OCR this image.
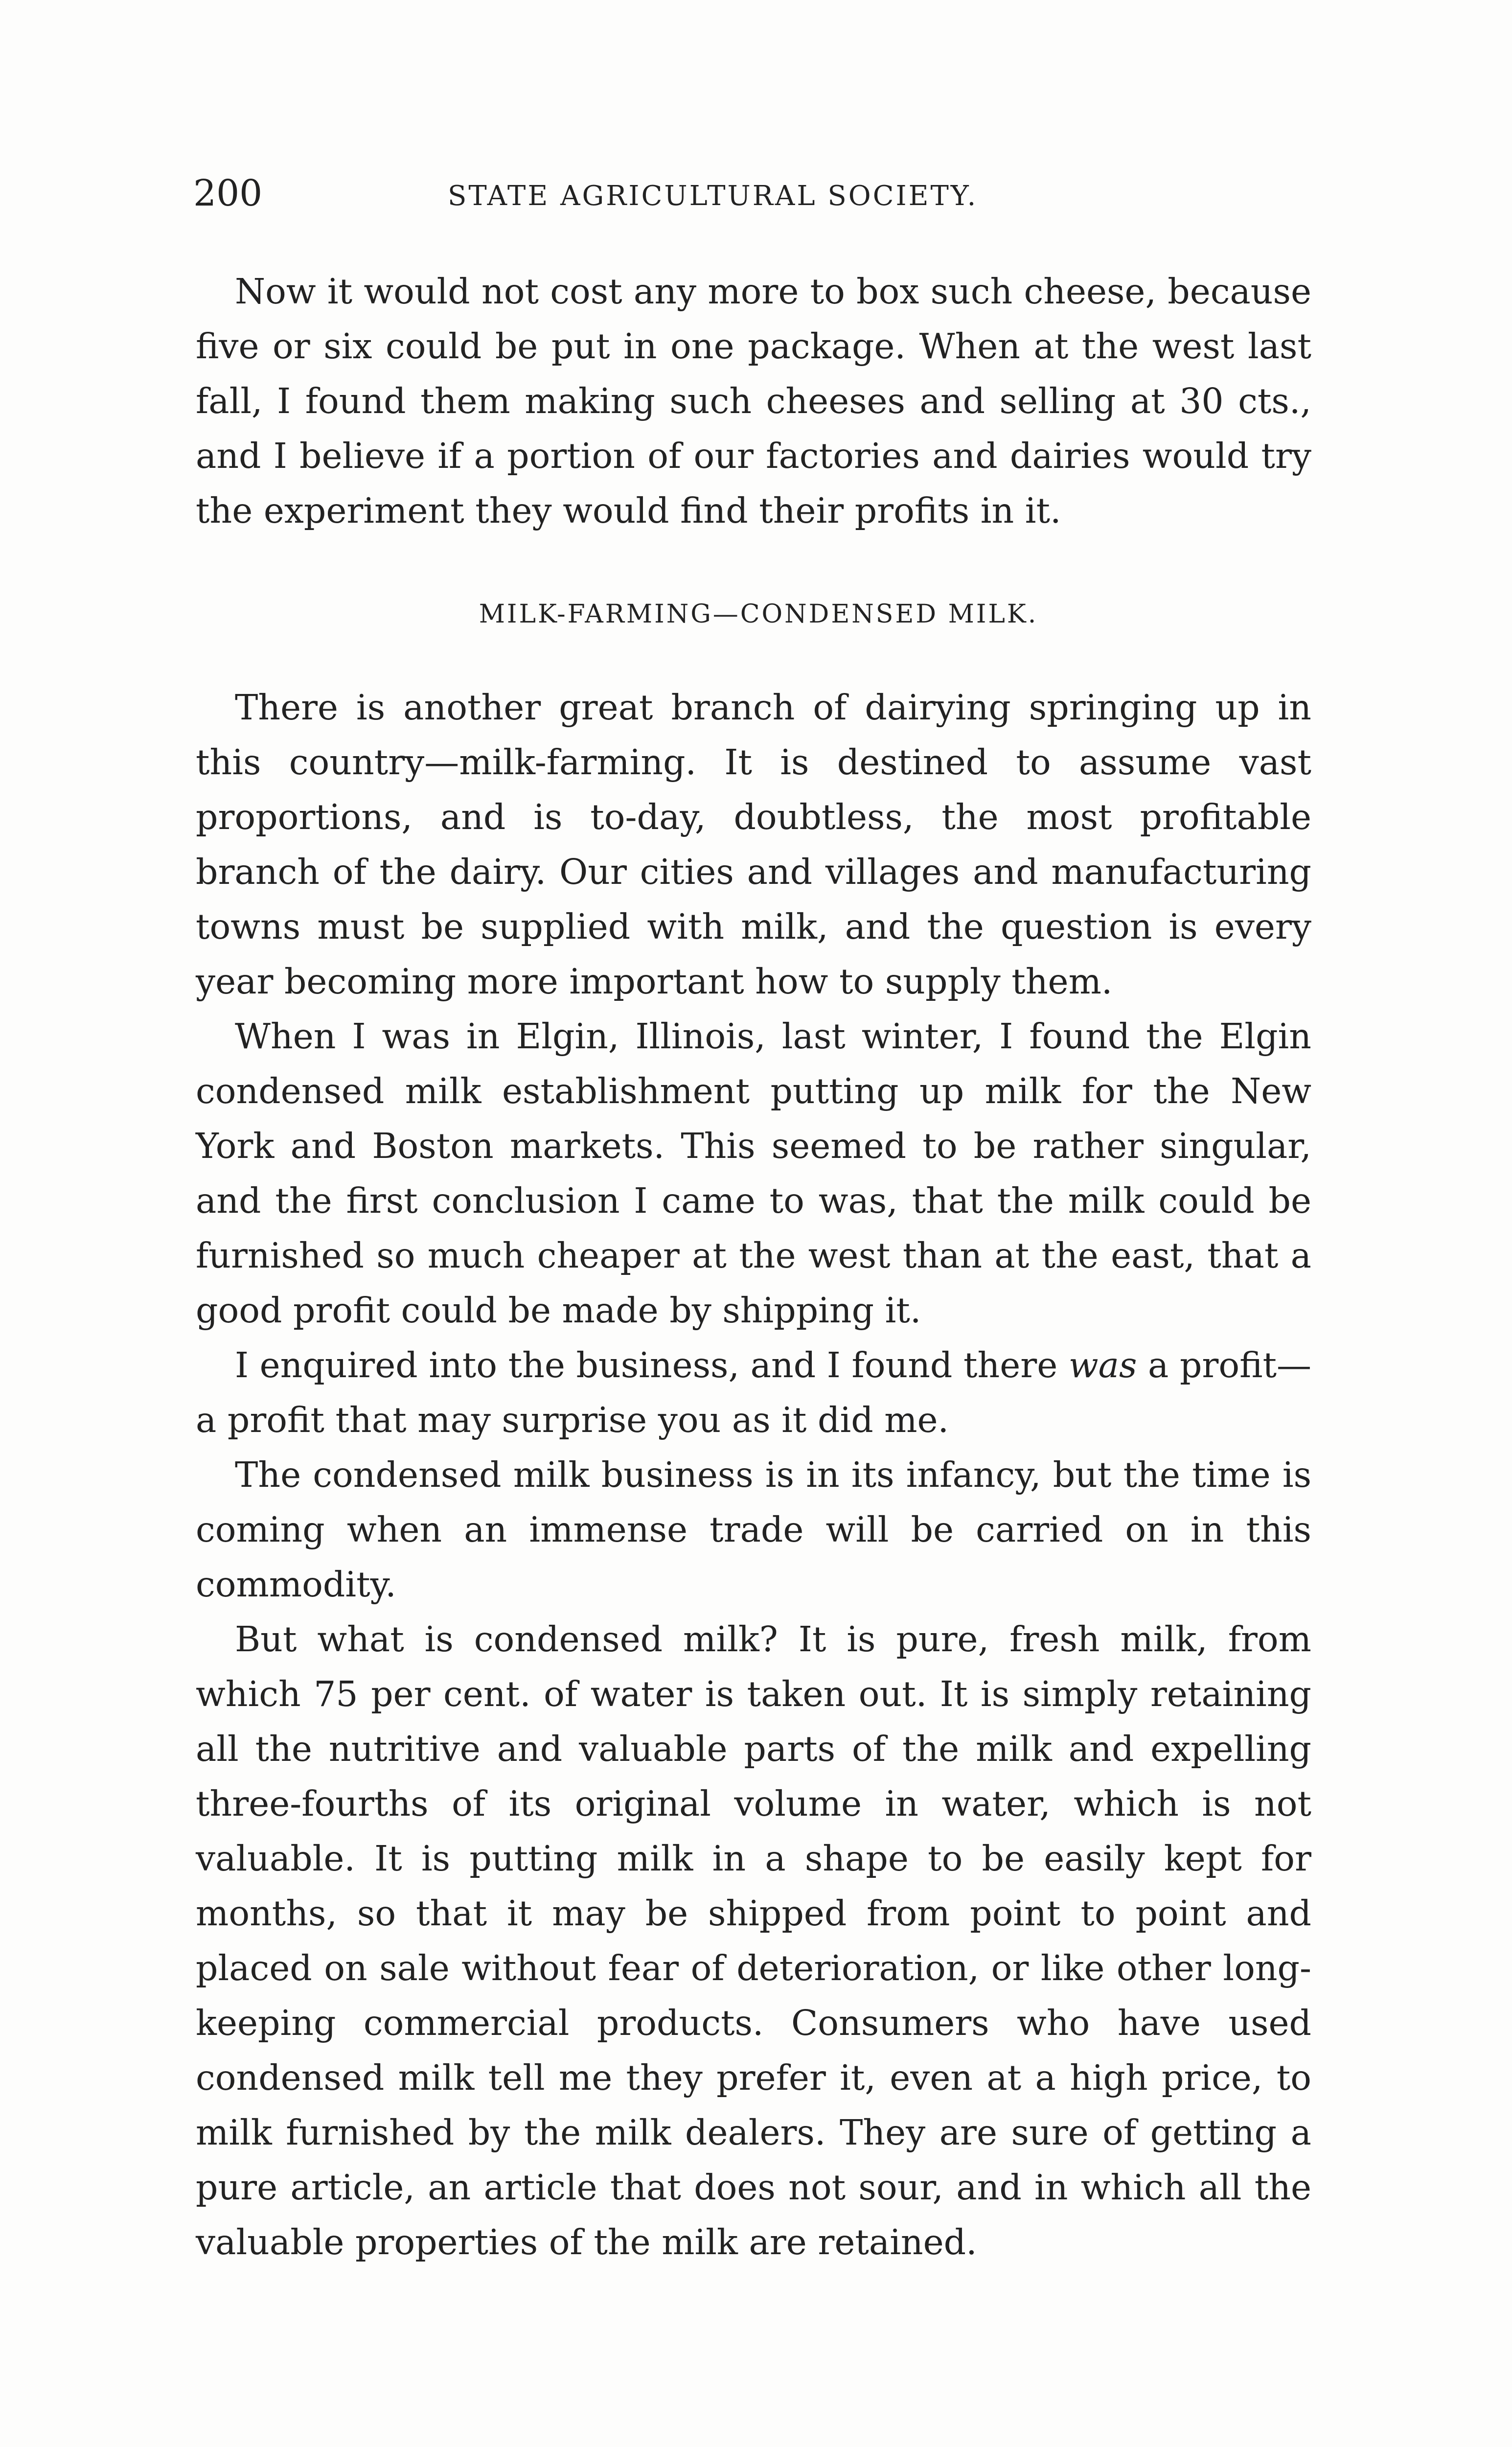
200	STATE AGRICULTURAL SOCIETY.

Now it would not cost any more to box such cheese, because five or six could be put in one package. When at the west last fall, I found them making such cheeses and selling at 30 cts., and I believe if a portion of our factories and dairies would try the experiment they would find their profits in it.

MILK-FARMING—CONDENSED MILK.

There is another great branch of dairying springing up in this country—milk-farming. It is destined to assume vast proportions, and is to-day, doubtless, the most profitable branch of the dairy. Our cities and villages and manufacturing towns must be supplied with milk, and the question is every year becoming more important how to supply them.

When I was in Elgin, Illinois, last winter, I found the Elgin condensed milk establishment putting up milk for the New York and Boston markets. This seemed to be rather singular, and the first conclusion I came to was, that the milk could be furnished so much cheaper at the west than at the east, that a good profit could be made by shipping it.

I enquired into the business, and I found there was a profit—a profit that may surprise you as it did me.

The condensed milk business is in its infancy, but the time is coming when an immense trade will be carried on in this commodity.

But what is condensed milk? It is pure, fresh milk, from which 75 per cent. of water is taken out. It is simply retaining all the nutritive and valuable parts of the milk and expelling three-fourths of its original volume in water, which is not valuable. It is putting milk in a shape to be easily kept for months, so that it may be shipped from point to point and placed on sale without fear of deterioration, or like other long-keeping commercial products. Consumers who have used condensed milk tell me they prefer it, even at a high price, to milk furnished by the milk dealers. They are sure of getting a pure article, an article that does not sour, and in which all the valuable properties of the milk are retained.
